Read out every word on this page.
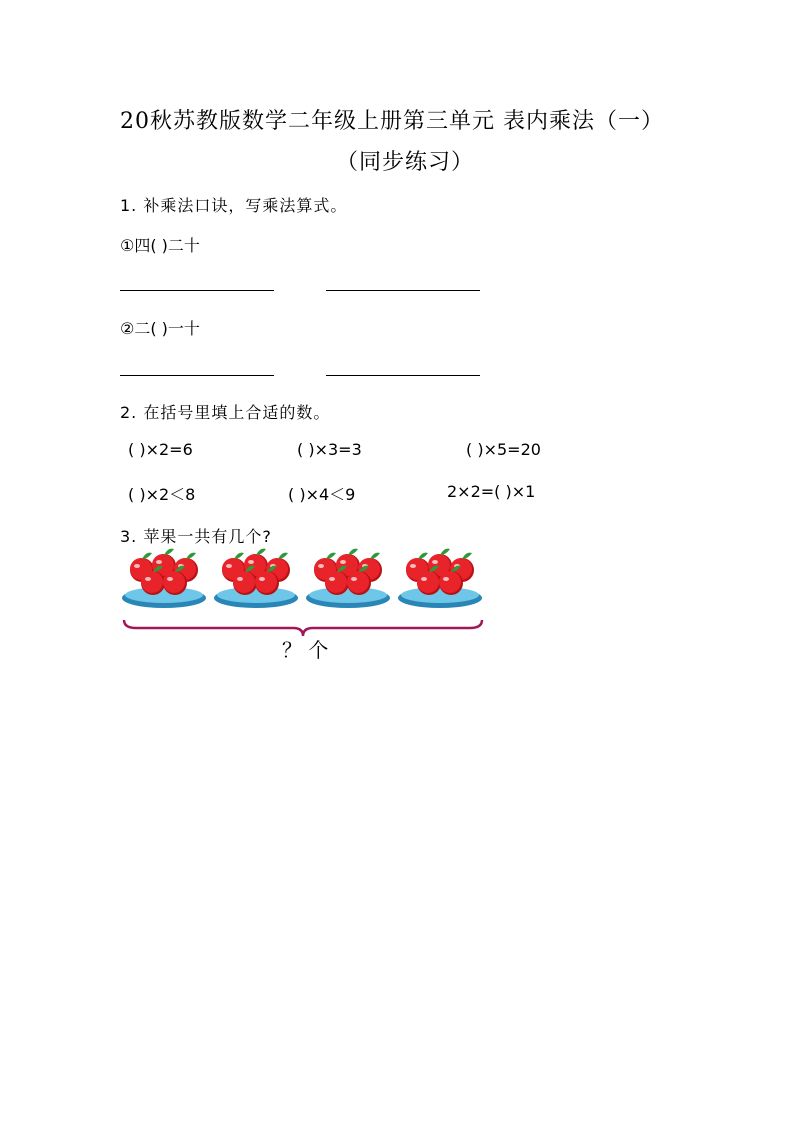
20秋苏教版数学二年级上册第三单元 表内乘法（一）
（同步练习）
1. 补乘法口诀，写乘法算式。
①四( )二十
②二( )一十
2. 在括号里填上合适的数。
( )×2=6	( )×3=3	( )×5=20
( )×2＜8	( )×4＜9	2×2=( )×1
3. 苹果一共有几个?
？ 个
